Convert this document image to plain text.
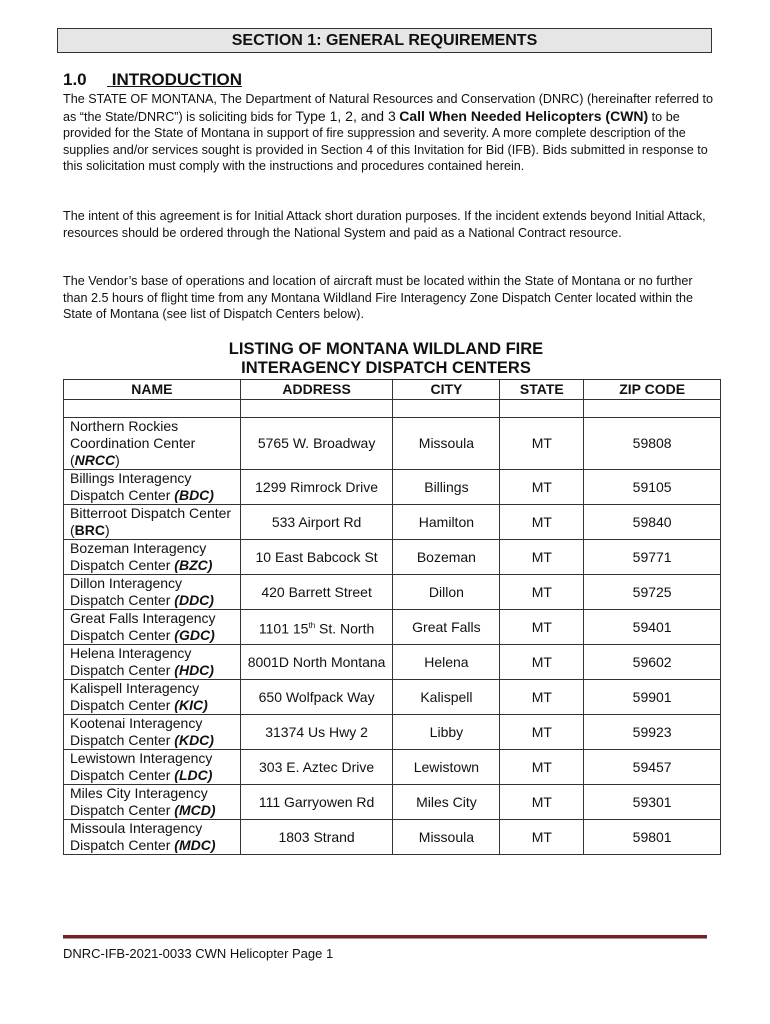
SECTION 1: GENERAL REQUIREMENTS
1.0 INTRODUCTION
The STATE OF MONTANA, The Department of Natural Resources and Conservation (DNRC) (hereinafter referred to as “the State/DNRC”) is soliciting bids for Type 1, 2, and 3 Call When Needed Helicopters (CWN) to be provided for the State of Montana in support of fire suppression and severity. A more complete description of the supplies and/or services sought is provided in Section 4 of this Invitation for Bid (IFB). Bids submitted in response to this solicitation must comply with the instructions and procedures contained herein.
The intent of this agreement is for Initial Attack short duration purposes. If the incident extends beyond Initial Attack, resources should be ordered through the National System and paid as a National Contract resource.
The Vendor’s base of operations and location of aircraft must be located within the State of Montana or no further than 2.5 hours of flight time from any Montana Wildland Fire Interagency Zone Dispatch Center located within the State of Montana (see list of Dispatch Centers below).
LISTING OF MONTANA WILDLAND FIRE
INTERAGENCY DISPATCH CENTERS
NAME	ADDRESS	CITY	STATE	ZIP CODE

Northern Rockies Coordination Center
(NRCC)	5765 W. Broadway	Missoula	MT	59808
Billings Interagency Dispatch Center (BDC)	1299 Rimrock Drive	Billings	MT	59105
Bitterroot Dispatch Center (BRC)	533 Airport Rd	Hamilton	MT	59840
Bozeman Interagency Dispatch Center (BZC)	10 East Babcock St	Bozeman	MT	59771
Dillon Interagency Dispatch Center (DDC)	420 Barrett Street	Dillon	MT	59725
Great Falls Interagency Dispatch Center (GDC)	1101 15th St. North	Great Falls	MT	59401
Helena Interagency Dispatch Center (HDC)	8001D North Montana	Helena	MT	59602
Kalispell Interagency Dispatch Center (KIC)	650 Wolfpack Way	Kalispell	MT	59901
Kootenai Interagency Dispatch Center (KDC)	31374 Us Hwy 2	Libby	MT	59923
Lewistown Interagency Dispatch Center (LDC)	303 E. Aztec Drive	Lewistown	MT	59457
Miles City Interagency Dispatch Center (MCD)	111 Garryowen Rd	Miles City	MT	59301
Missoula Interagency Dispatch Center (MDC)	1803 Strand	Missoula	MT	59801
DNRC-IFB-2021-0033 CWN Helicopter Page 1
